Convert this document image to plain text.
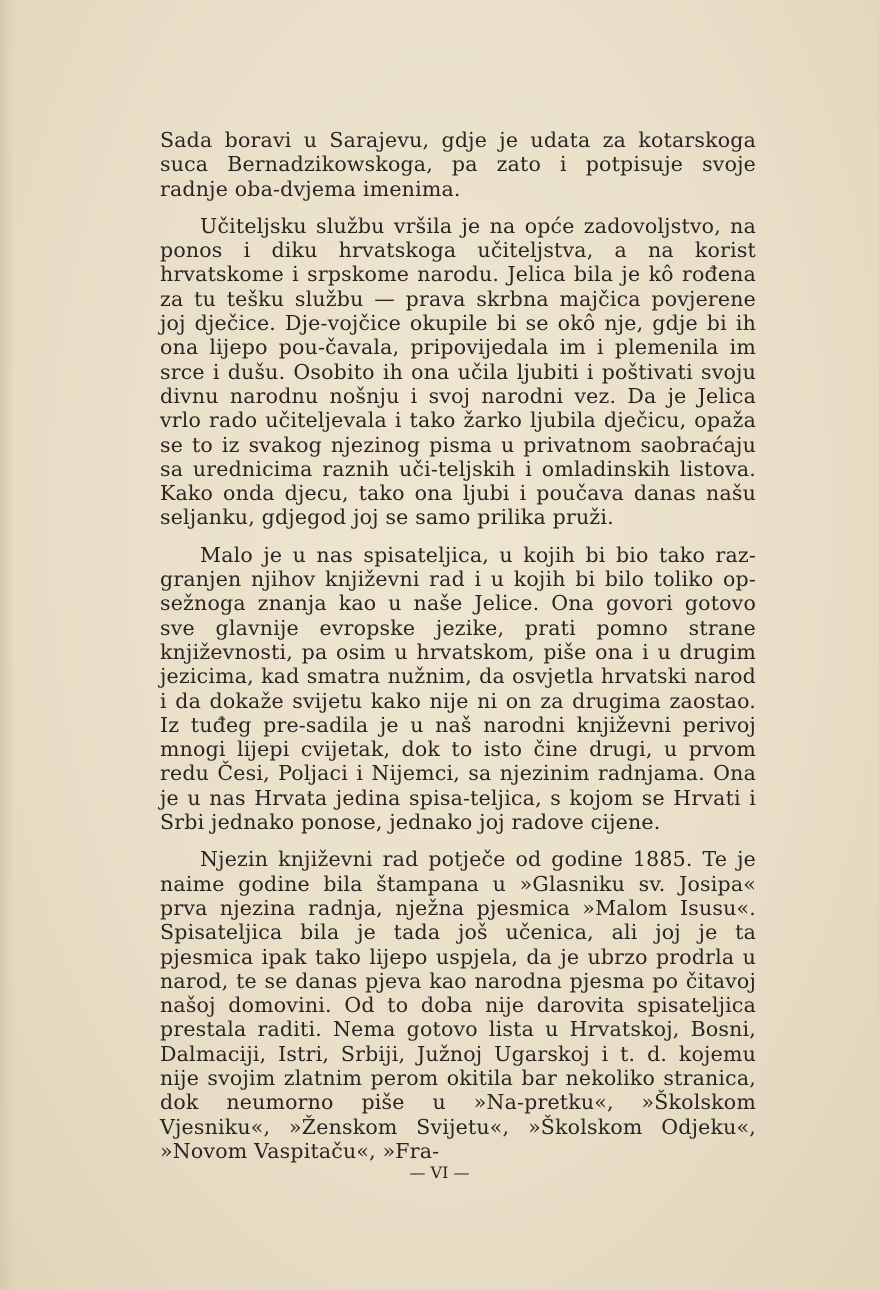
Sada boravi u Sarajevu, gdje je udata za kotarskoga suca Bernadzikowskoga, pa zato i potpisuje svoje radnje oba-dvjema imenima.

Učiteljsku službu vršila je na opće zadovoljstvo, na ponos i diku hrvatskoga učiteljstva, a na korist hrvatskome i srpskome narodu. Jelica bila je kô rođena za tu tešku službu — prava skrbna majčica povjerene joj dječice. Dje-vojčice okupile bi se okô nje, gdje bi ih ona lijepo pou-čavala, pripovijedala im i plemenila im srce i dušu. Osobito ih ona učila ljubiti i poštivati svoju divnu narodnu nošnju i svoj narodni vez. Da je Jelica vrlo rado učiteljevala i tako žarko ljubila dječicu, opaža se to iz svakog njezinog pisma u privatnom saobraćaju sa urednicima raznih uči-teljskih i omladinskih listova. Kako onda djecu, tako ona ljubi i poučava danas našu seljanku, gdjegod joj se samo prilika pruži.

Malo je u nas spisateljica, u kojih bi bio tako raz-granjen njihov književni rad i u kojih bi bilo toliko op-sežnoga znanja kao u naše Jelice. Ona govori gotovo sve glavnije evropske jezike, prati pomno strane književnosti, pa osim u hrvatskom, piše ona i u drugim jezicima, kad smatra nužnim, da osvjetla hrvatski narod i da dokaže svijetu kako nije ni on za drugima zaostao. Iz tuđeg pre-sadila je u naš narodni književni perivoj mnogi lijepi cvijetak, dok to isto čine drugi, u prvom redu Česi, Poljaci i Nijemci, sa njezinim radnjama. Ona je u nas Hrvata jedina spisa-teljica, s kojom se Hrvati i Srbi jednako ponose, jednako joj radove cijene.

Njezin književni rad potječe od godine 1885. Te je naime godine bila štampana u »Glasniku sv. Josipa« prva njezina radnja, nježna pjesmica »Malom Isusu«. Spisateljica bila je tada još učenica, ali joj je ta pjesmica ipak tako lijepo uspjela, da je ubrzo prodrla u narod, te se danas pjeva kao narodna pjesma po čitavoj našoj domovini. Od to doba nije darovita spisateljica prestala raditi. Nema gotovo lista u Hrvatskoj, Bosni, Dalmaciji, Istri, Srbiji, Južnoj Ugarskoj i t. d. kojemu nije svojim zlatnim perom okitila bar nekoliko stranica, dok neumorno piše u »Na-pretku«, »Školskom Vjesniku«, »Ženskom Svijetu«, »Školskom Odjeku«, »Novom Vaspitaču«, »Fra-

— VI —
